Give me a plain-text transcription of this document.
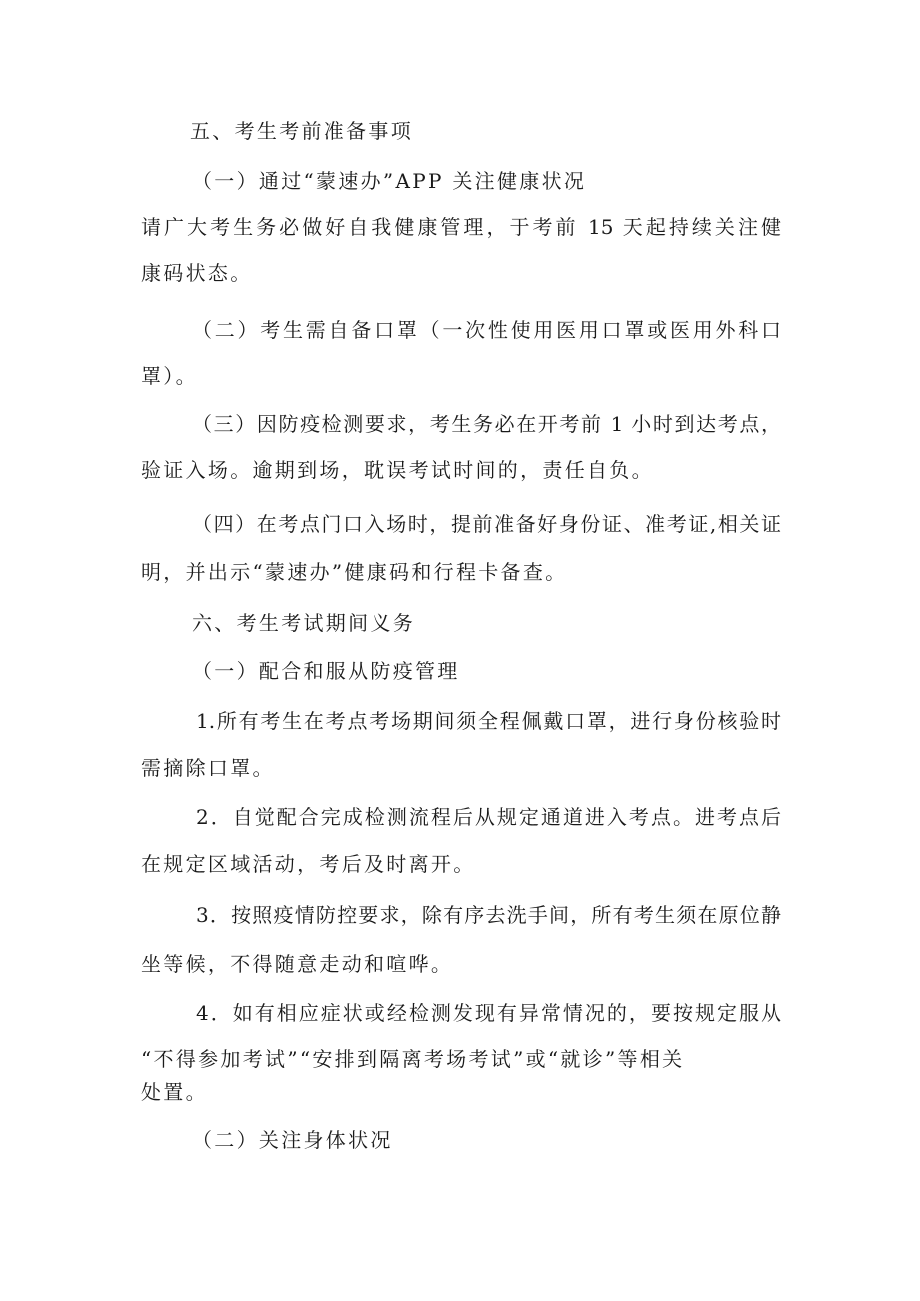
五、考生考前准备事项
（一）通过“蒙速办”APP 关注健康状况
请广大考生务必做好自我健康管理，于考前 15 天起持续关注健
康码状态。
（二）考生需自备口罩（一次性使用医用口罩或医用外科口
罩）。
（三）因防疫检测要求，考生务必在开考前 1 小时到达考点，
验证入场。逾期到场，耽误考试时间的，责任自负。
（四）在考点门口入场时，提前准备好身份证、准考证,相关证
明，并出示“蒙速办”健康码和行程卡备查。
六、考生考试期间义务
（一）配合和服从防疫管理
1.所有考生在考点考场期间须全程佩戴口罩，进行身份核验时
需摘除口罩。
2．自觉配合完成检测流程后从规定通道进入考点。进考点后
在规定区域活动，考后及时离开。
3．按照疫情防控要求，除有序去洗手间，所有考生须在原位静
坐等候，不得随意走动和喧哗。
4．如有相应症状或经检测发现有异常情况的，要按规定服从
“不得参加考试”“安排到隔离考场考试”或“就诊”等相关
处置。
（二）关注身体状况
